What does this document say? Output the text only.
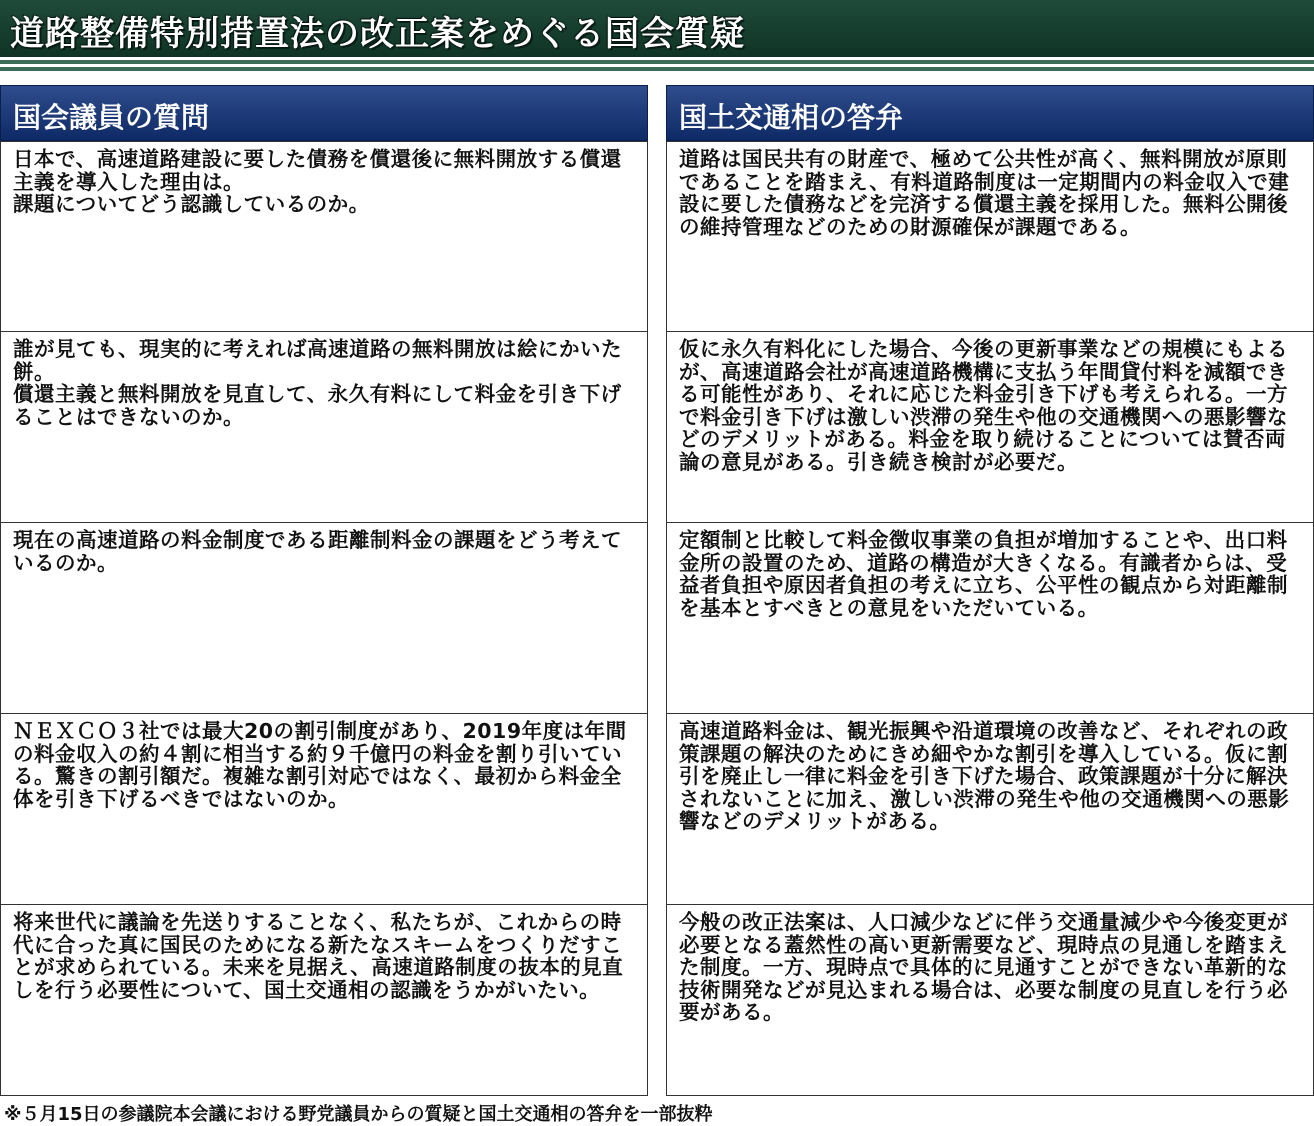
道路整備特別措置法の改正案をめぐる国会質疑
国会議員の質問
日本で、高速道路建設に要した債務を償還後に無料開放する償還主義を導入した理由は。
課題についてどう認識しているのか。
誰が見ても、現実的に考えれば高速道路の無料開放は絵にかいた餅。
償還主義と無料開放を見直して、永久有料にして料金を引き下げることはできないのか。
現在の高速道路の料金制度である距離制料金の課題をどう考えているのか。
ＮＥＸＣＯ３社では最大20の割引制度があり、2019年度は年間の料金収入の約４割に相当する約９千億円の料金を割り引いている。驚きの割引額だ。複雑な割引対応ではなく、最初から料金全体を引き下げるべきではないのか。
将来世代に議論を先送りすることなく、私たちが、これからの時代に合った真に国民のためになる新たなスキームをつくりだすことが求められている。未来を見据え、高速道路制度の抜本的見直しを行う必要性について、国土交通相の認識をうかがいたい。
国土交通相の答弁
道路は国民共有の財産で、極めて公共性が高く、無料開放が原則であることを踏まえ、有料道路制度は一定期間内の料金収入で建設に要した債務などを完済する償還主義を採用した。無料公開後の維持管理などのための財源確保が課題である。
仮に永久有料化にした場合、今後の更新事業などの規模にもよるが、高速道路会社が高速道路機構に支払う年間貸付料を減額できる可能性があり、それに応じた料金引き下げも考えられる。一方で料金引き下げは激しい渋滞の発生や他の交通機関への悪影響などのデメリットがある。料金を取り続けることについては賛否両論の意見がある。引き続き検討が必要だ。
定額制と比較して料金徴収事業の負担が増加することや、出口料金所の設置のため、道路の構造が大きくなる。有識者からは、受益者負担や原因者負担の考えに立ち、公平性の観点から対距離制を基本とすべきとの意見をいただいている。
高速道路料金は、観光振興や沿道環境の改善など、それぞれの政策課題の解決のためにきめ細やかな割引を導入している。仮に割引を廃止し一律に料金を引き下げた場合、政策課題が十分に解決されないことに加え、激しい渋滞の発生や他の交通機関への悪影響などのデメリットがある。
今般の改正法案は、人口減少などに伴う交通量減少や今後変更が必要となる蓋然性の高い更新需要など、現時点の見通しを踏まえた制度。一方、現時点で具体的に見通すことができない革新的な技術開発などが見込まれる場合は、必要な制度の見直しを行う必要がある。
※５月15日の参議院本会議における野党議員からの質疑と国土交通相の答弁を一部抜粋
